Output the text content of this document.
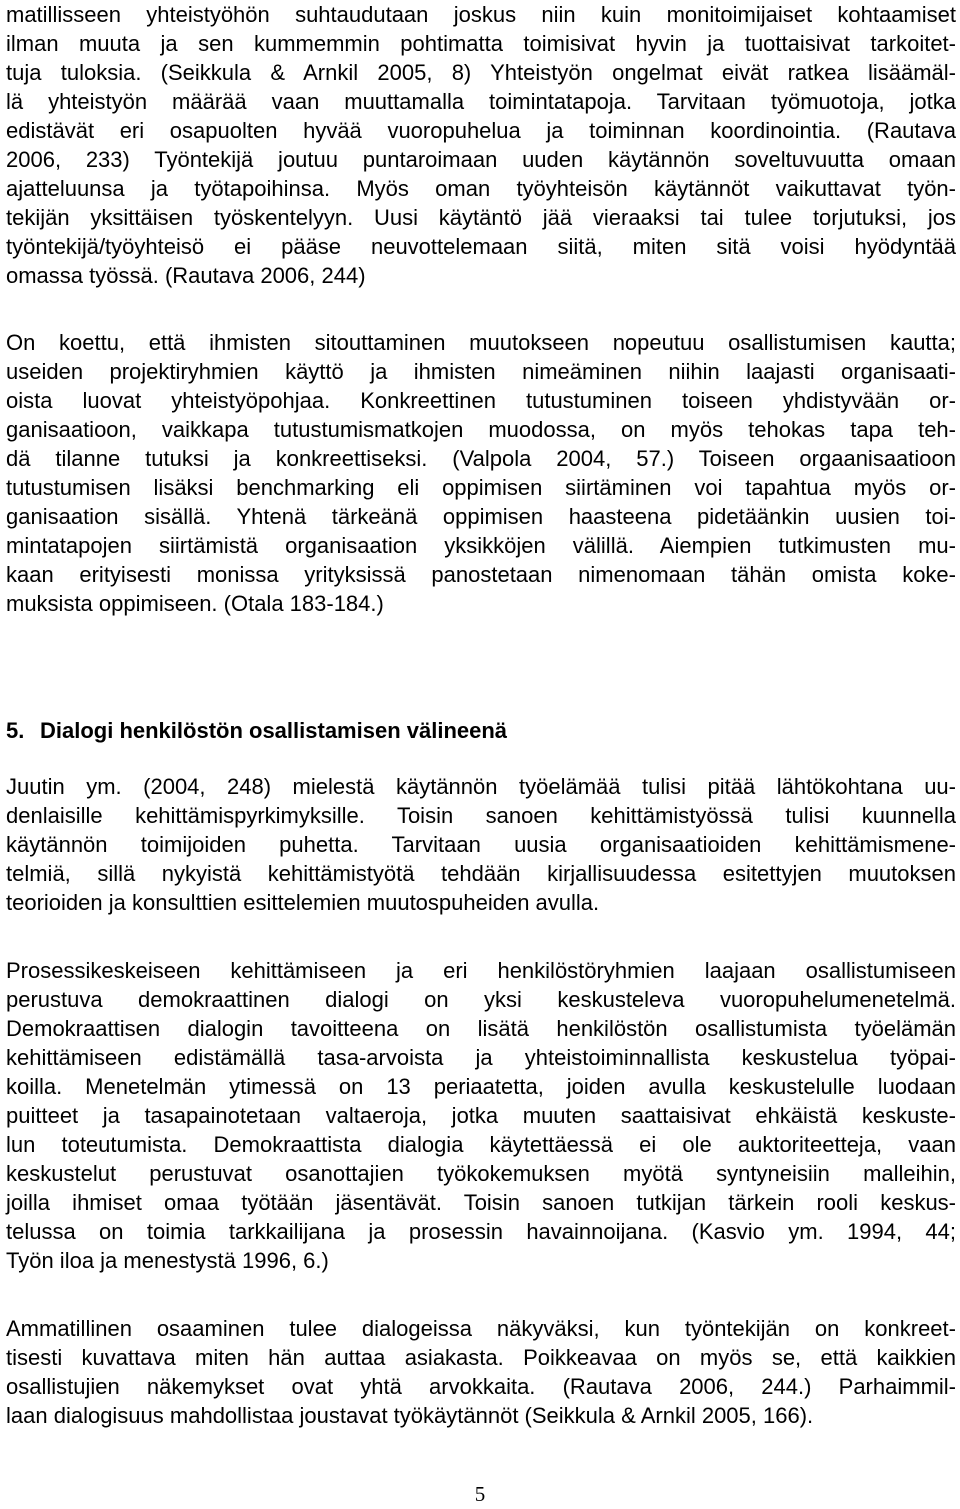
matillisseen yhteistyöhön suhtaudutaan joskus niin kuin monitoimijaiset kohtaamiset
ilman muuta ja sen kummemmin pohtimatta toimisivat hyvin ja tuottaisivat tarkoitet-
tuja tuloksia. (Seikkula & Arnkil 2005, 8) Yhteistyön ongelmat eivät ratkea lisäämäl-
lä yhteistyön määrää vaan muuttamalla toimintatapoja. Tarvitaan työmuotoja, jotka
edistävät eri osapuolten hyvää vuoropuhelua ja toiminnan koordinointia. (Rautava
2006, 233) Työntekijä joutuu puntaroimaan uuden käytännön soveltuvuutta omaan
ajatteluunsa ja työtapoihinsa. Myös oman työyhteisön käytännöt vaikuttavat työn-
tekijän yksittäisen työskentelyyn. Uusi käytäntö jää vieraaksi tai tulee torjutuksi, jos
työntekijä/työyhteisö ei pääse neuvottelemaan siitä, miten sitä voisi hyödyntää
omassa työssä. (Rautava 2006, 244)
On koettu, että ihmisten sitouttaminen muutokseen nopeutuu osallistumisen kautta;
useiden projektiryhmien käyttö ja ihmisten nimeäminen niihin laajasti organisaati-
oista luovat yhteistyöpohjaa. Konkreettinen tutustuminen toiseen yhdistyvään or-
ganisaatioon, vaikkapa tutustumismatkojen muodossa, on myös tehokas tapa teh-
dä tilanne tutuksi ja konkreettiseksi. (Valpola 2004, 57.) Toiseen orgaanisaatioon
tutustumisen lisäksi benchmarking eli oppimisen siirtäminen voi tapahtua myös or-
ganisaation sisällä. Yhtenä tärkeänä oppimisen haasteena pidetäänkin uusien toi-
mintatapojen siirtämistä organisaation yksikköjen välillä. Aiempien tutkimusten mu-
kaan erityisesti monissa yrityksissä panostetaan nimenomaan tähän omista koke-
muksista oppimiseen. (Otala 183-184.)
5. Dialogi henkilöstön osallistamisen välineenä
Juutin ym. (2004, 248) mielestä käytännön työelämää tulisi pitää lähtökohtana uu-
denlaisille kehittämispyrkimyksille. Toisin sanoen kehittämistyössä tulisi kuunnella
käytännön toimijoiden puhetta. Tarvitaan uusia organisaatioiden kehittämismene-
telmiä, sillä nykyistä kehittämistyötä tehdään kirjallisuudessa esitettyjen muutoksen
teorioiden ja konsulttien esittelemien muutospuheiden avulla.
Prosessikeskeiseen kehittämiseen ja eri henkilöstöryhmien laajaan osallistumiseen
perustuva demokraattinen dialogi on yksi keskusteleva vuoropuhelumenetelmä.
Demokraattisen dialogin tavoitteena on lisätä henkilöstön osallistumista työelämän
kehittämiseen edistämällä tasa-arvoista ja yhteistoiminnallista keskustelua työpai-
koilla. Menetelmän ytimessä on 13 periaatetta, joiden avulla keskustelulle luodaan
puitteet ja tasapainotetaan valtaeroja, jotka muuten saattaisivat ehkäistä keskuste-
lun toteutumista. Demokraattista dialogia käytettäessä ei ole auktoriteetteja, vaan
keskustelut perustuvat osanottajien työkokemuksen myötä syntyneisiin malleihin,
joilla ihmiset omaa työtään jäsentävät. Toisin sanoen tutkijan tärkein rooli keskus-
telussa on toimia tarkkailijana ja prosessin havainnoijana. (Kasvio ym. 1994, 44;
Työn iloa ja menestystä 1996, 6.)
Ammatillinen osaaminen tulee dialogeissa näkyväksi, kun työntekijän on konkreet-
tisesti kuvattava miten hän auttaa asiakasta. Poikkeavaa on myös se, että kaikkien
osallistujien näkemykset ovat yhtä arvokkaita. (Rautava 2006, 244.) Parhaimmil-
laan dialogisuus mahdollistaa joustavat työkäytännöt (Seikkula & Arnkil 2005, 166).
5
